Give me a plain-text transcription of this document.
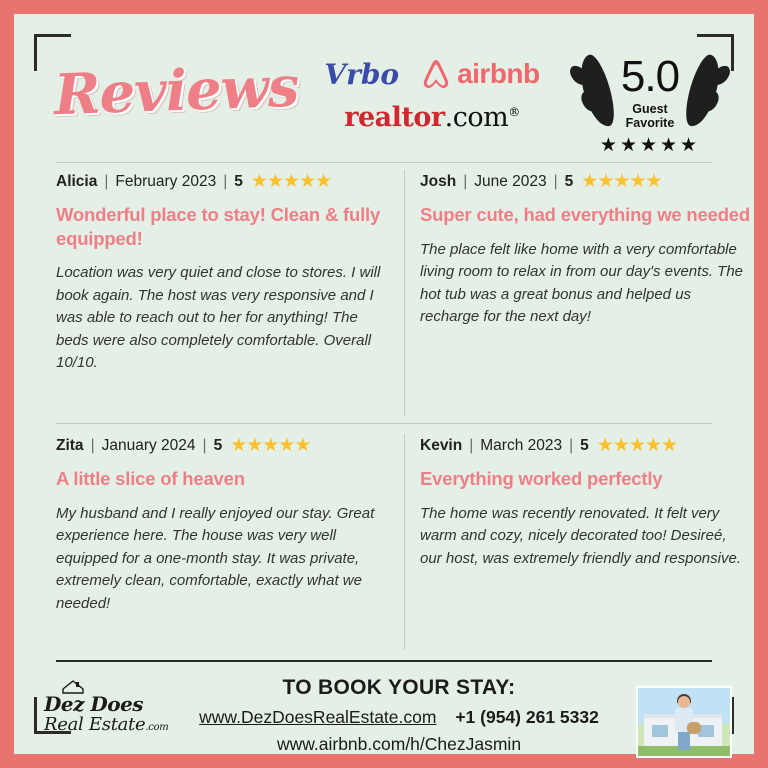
Reviews Vrbo airbnb
realtor.com®
5.0
Guest
Favorite
★★★★★
Alicia | February 2023 | 5 ★★★★★
Wonderful place to stay! Clean & fully equipped!
Location was very quiet and close to stores. I will book again. The host was very responsive and I was able to reach out to her for anything! The beds were also completely comfortable. Overall 10/10.
Josh | June 2023 | 5 ★★★★★
Super cute, had everything we needed
The place felt like home with a very comfortable living room to relax in from our day's events. The hot tub was a great bonus and helped us recharge for the next day!
Zita | January 2024 | 5 ★★★★★
A little slice of heaven
My husband and I really enjoyed our stay. Great experience here. The house was very well equipped for a one-month stay. It was private, extremely clean, comfortable, exactly what we needed!
Kevin | March 2023 | 5 ★★★★★
Everything worked perfectly
The home was recently renovated. It felt very warm and cozy, nicely decorated too! Desireé, our host, was extremely friendly and responsive.
Dez Does
Real Estate.com
TO BOOK YOUR STAY:
www.DezDoesRealEstate.com +1 (954) 261 5332
www.airbnb.com/h/ChezJasmin
